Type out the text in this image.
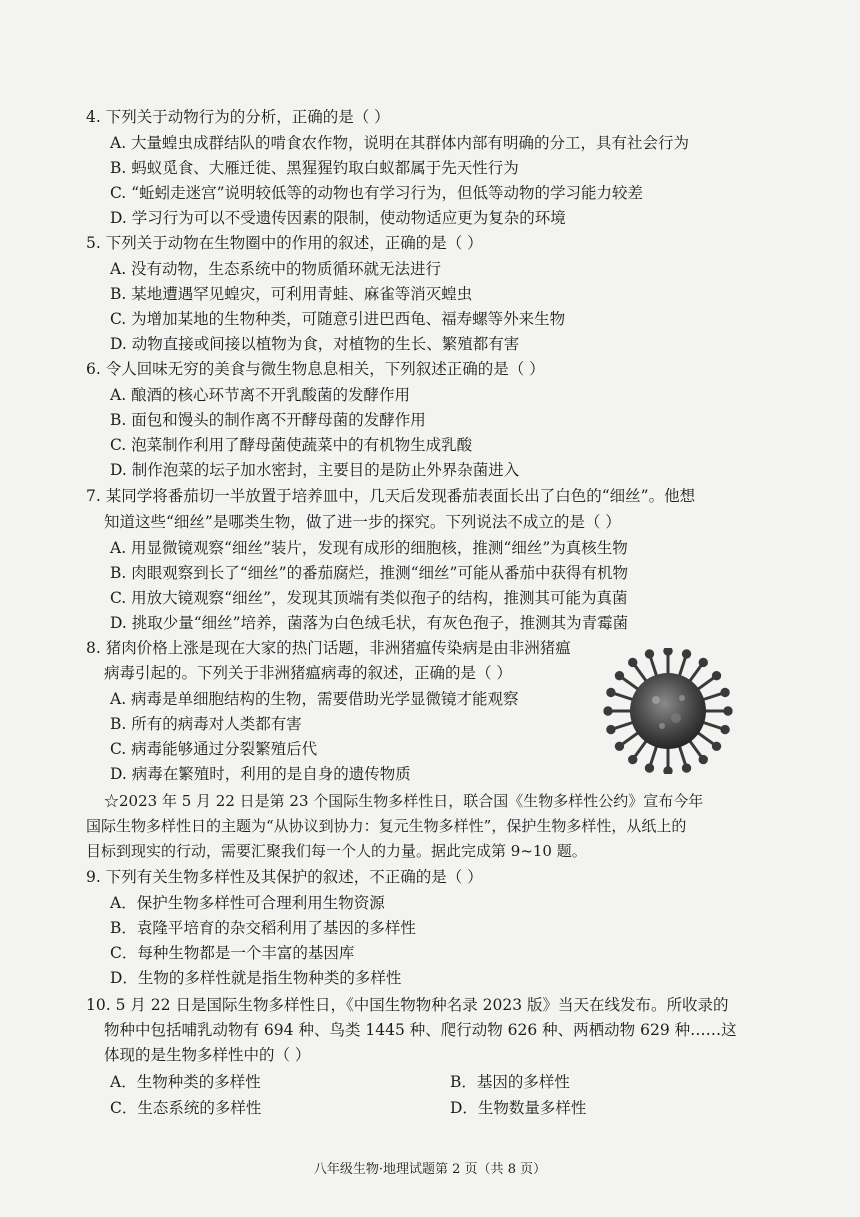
4. 下列关于动物行为的分析，正确的是（ ）
A. 大量蝗虫成群结队的啃食农作物，说明在其群体内部有明确的分工，具有社会行为
B. 蚂蚁觅食、大雁迁徙、黑猩猩钓取白蚁都属于先天性行为
C. “蚯蚓走迷宫”说明较低等的动物也有学习行为，但低等动物的学习能力较差
D. 学习行为可以不受遗传因素的限制，使动物适应更为复杂的环境
5. 下列关于动物在生物圈中的作用的叙述，正确的是（ ）
A. 没有动物，生态系统中的物质循环就无法进行
B. 某地遭遇罕见蝗灾，可利用青蛙、麻雀等消灭蝗虫
C. 为增加某地的生物种类，可随意引进巴西龟、福寿螺等外来生物
D. 动物直接或间接以植物为食，对植物的生长、繁殖都有害
6. 令人回味无穷的美食与微生物息息相关，下列叙述正确的是（ ）
A. 酿酒的核心环节离不开乳酸菌的发酵作用
B. 面包和馒头的制作离不开酵母菌的发酵作用
C. 泡菜制作利用了酵母菌使蔬菜中的有机物生成乳酸
D. 制作泡菜的坛子加水密封，主要目的是防止外界杂菌进入
7. 某同学将番茄切一半放置于培养皿中，几天后发现番茄表面长出了白色的“细丝”。他想
知道这些“细丝”是哪类生物，做了进一步的探究。下列说法不成立的是（ ）
A. 用显微镜观察“细丝”装片，发现有成形的细胞核，推测“细丝”为真核生物
B. 肉眼观察到长了“细丝”的番茄腐烂，推测“细丝”可能从番茄中获得有机物
C. 用放大镜观察“细丝”，发现其顶端有类似孢子的结构，推测其可能为真菌
D. 挑取少量“细丝”培养，菌落为白色绒毛状，有灰色孢子，推测其为青霉菌
8. 猪肉价格上涨是现在大家的热门话题，非洲猪瘟传染病是由非洲猪瘟
病毒引起的。下列关于非洲猪瘟病毒的叙述，正确的是（ ）
A. 病毒是单细胞结构的生物，需要借助光学显微镜才能观察
B. 所有的病毒对人类都有害
C. 病毒能够通过分裂繁殖后代
D. 病毒在繁殖时，利用的是自身的遗传物质
☆2023 年 5 月 22 日是第 23 个国际生物多样性日，联合国《生物多样性公约》宣布今年
国际生物多样性日的主题为“从协议到协力：复元生物多样性”，保护生物多样性，从纸上的
目标到现实的行动，需要汇聚我们每一个人的力量。据此完成第 9~10 题。
9. 下列有关生物多样性及其保护的叙述，不正确的是（ ）
A．保护生物多样性可合理利用生物资源
B．袁隆平培育的杂交稻利用了基因的多样性
C．每种生物都是一个丰富的基因库
D．生物的多样性就是指生物种类的多样性
10. 5 月 22 日是国际生物多样性日，《中国生物物种名录 2023 版》当天在线发布。所收录的
物种中包括哺乳动物有 694 种、鸟类 1445 种、爬行动物 626 种、两栖动物 629 种……这
体现的是生物多样性中的（ ）
A．生物种类的多样性	B．基因的多样性
C．生态系统的多样性	D．生物数量多样性
八年级生物·地理试题第 2 页（共 8 页）
